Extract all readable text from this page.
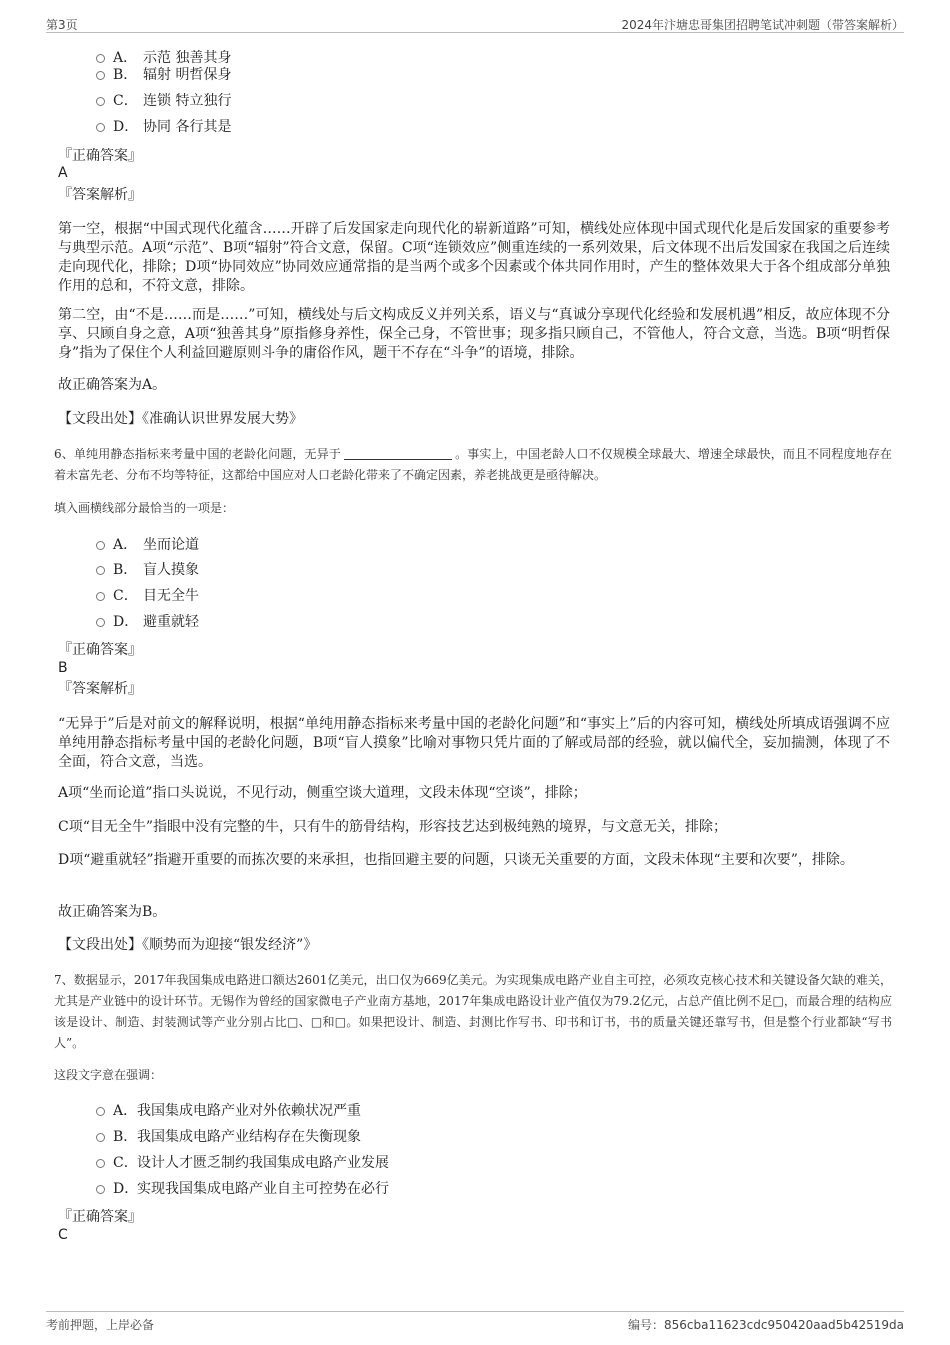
第3页	2024年汴塘忠哥集团招聘笔试冲刺题（带答案解析）
A． 示范 独善其身
B． 辐射 明哲保身
C． 连锁 特立独行
D． 协同 各行其是
『正确答案』
A
『答案解析』

第一空，根据“中国式现代化蕴含……开辟了后发国家走向现代化的崭新道路”可知，横线处应体现中国式现代化是后发国家的重要参考与典型示范。A项“示范”、B项“辐射”符合文意，保留。C项“连锁效应”侧重连续的一系列效果，后文体现不出后发国家在我国之后连续走向现代化，排除；D项“协同效应”协同效应通常指的是当两个或多个因素或个体共同作用时，产生的整体效果大于各个组成部分单独作用的总和，不符文意，排除。

第二空，由“不是……而是……”可知，横线处与后文构成反义并列关系，语义与“真诚分享现代化经验和发展机遇”相反，故应体现不分享、只顾自身之意，A项“独善其身”原指修身养性，保全己身，不管世事；现多指只顾自己，不管他人，符合文意，当选。B项“明哲保身”指为了保住个人利益回避原则斗争的庸俗作风，题干不存在“斗争”的语境，排除。

故正确答案为A。

【文段出处】《准确认识世界发展大势》

6、单纯用静态指标来考量中国的老龄化问题，无异于	。事实上，中国老龄人口不仅规模全球最大、增速全球最快，而且不同程度地存在着未富先老、分布不均等特征，这都给中国应对人口老龄化带来了不确定因素，养老挑战更是亟待解决。

填入画横线部分最恰当的一项是：
A． 坐而论道
B． 盲人摸象
C． 目无全牛
D． 避重就轻
『正确答案』
B
『答案解析』

“无异于”后是对前文的解释说明，根据“单纯用静态指标来考量中国的老龄化问题”和“事实上”后的内容可知，横线处所填成语强调不应单纯用静态指标考量中国的老龄化问题，B项“盲人摸象”比喻对事物只凭片面的了解或局部的经验，就以偏代全，妄加揣测，体现了不全面，符合文意，当选。

A项“坐而论道”指口头说说，不见行动，侧重空谈大道理，文段未体现“空谈”，排除；

C项“目无全牛”指眼中没有完整的牛，只有牛的筋骨结构，形容技艺达到极纯熟的境界，与文意无关，排除；

D项“避重就轻”指避开重要的而拣次要的来承担，也指回避主要的问题，只谈无关重要的方面，文段未体现“主要和次要”，排除。

故正确答案为B。

【文段出处】《顺势而为迎接“银发经济”》

7、数据显示，2017年我国集成电路进口额达2601亿美元，出口仅为669亿美元。为实现集成电路产业自主可控，必须攻克核心技术和关键设备欠缺的难关，尤其是产业链中的设计环节。无锡作为曾经的国家微电子产业南方基地，2017年集成电路设计业产值仅为79.2亿元，占总产值比例不足□，而最合理的结构应该是设计、制造、封装测试等产业分别占比□、□和□。如果把设计、制造、封测比作写书、印书和订书，书的质量关键还靠写书，但是整个行业都缺“写书人”。

这段文字意在强调：
A．我国集成电路产业对外依赖状况严重
B．我国集成电路产业结构存在失衡现象
C．设计人才匮乏制约我国集成电路产业发展
D．实现我国集成电路产业自主可控势在必行
『正确答案』
C
考前押题，上岸必备	编号：856cba11623cdc950420aad5b42519da
